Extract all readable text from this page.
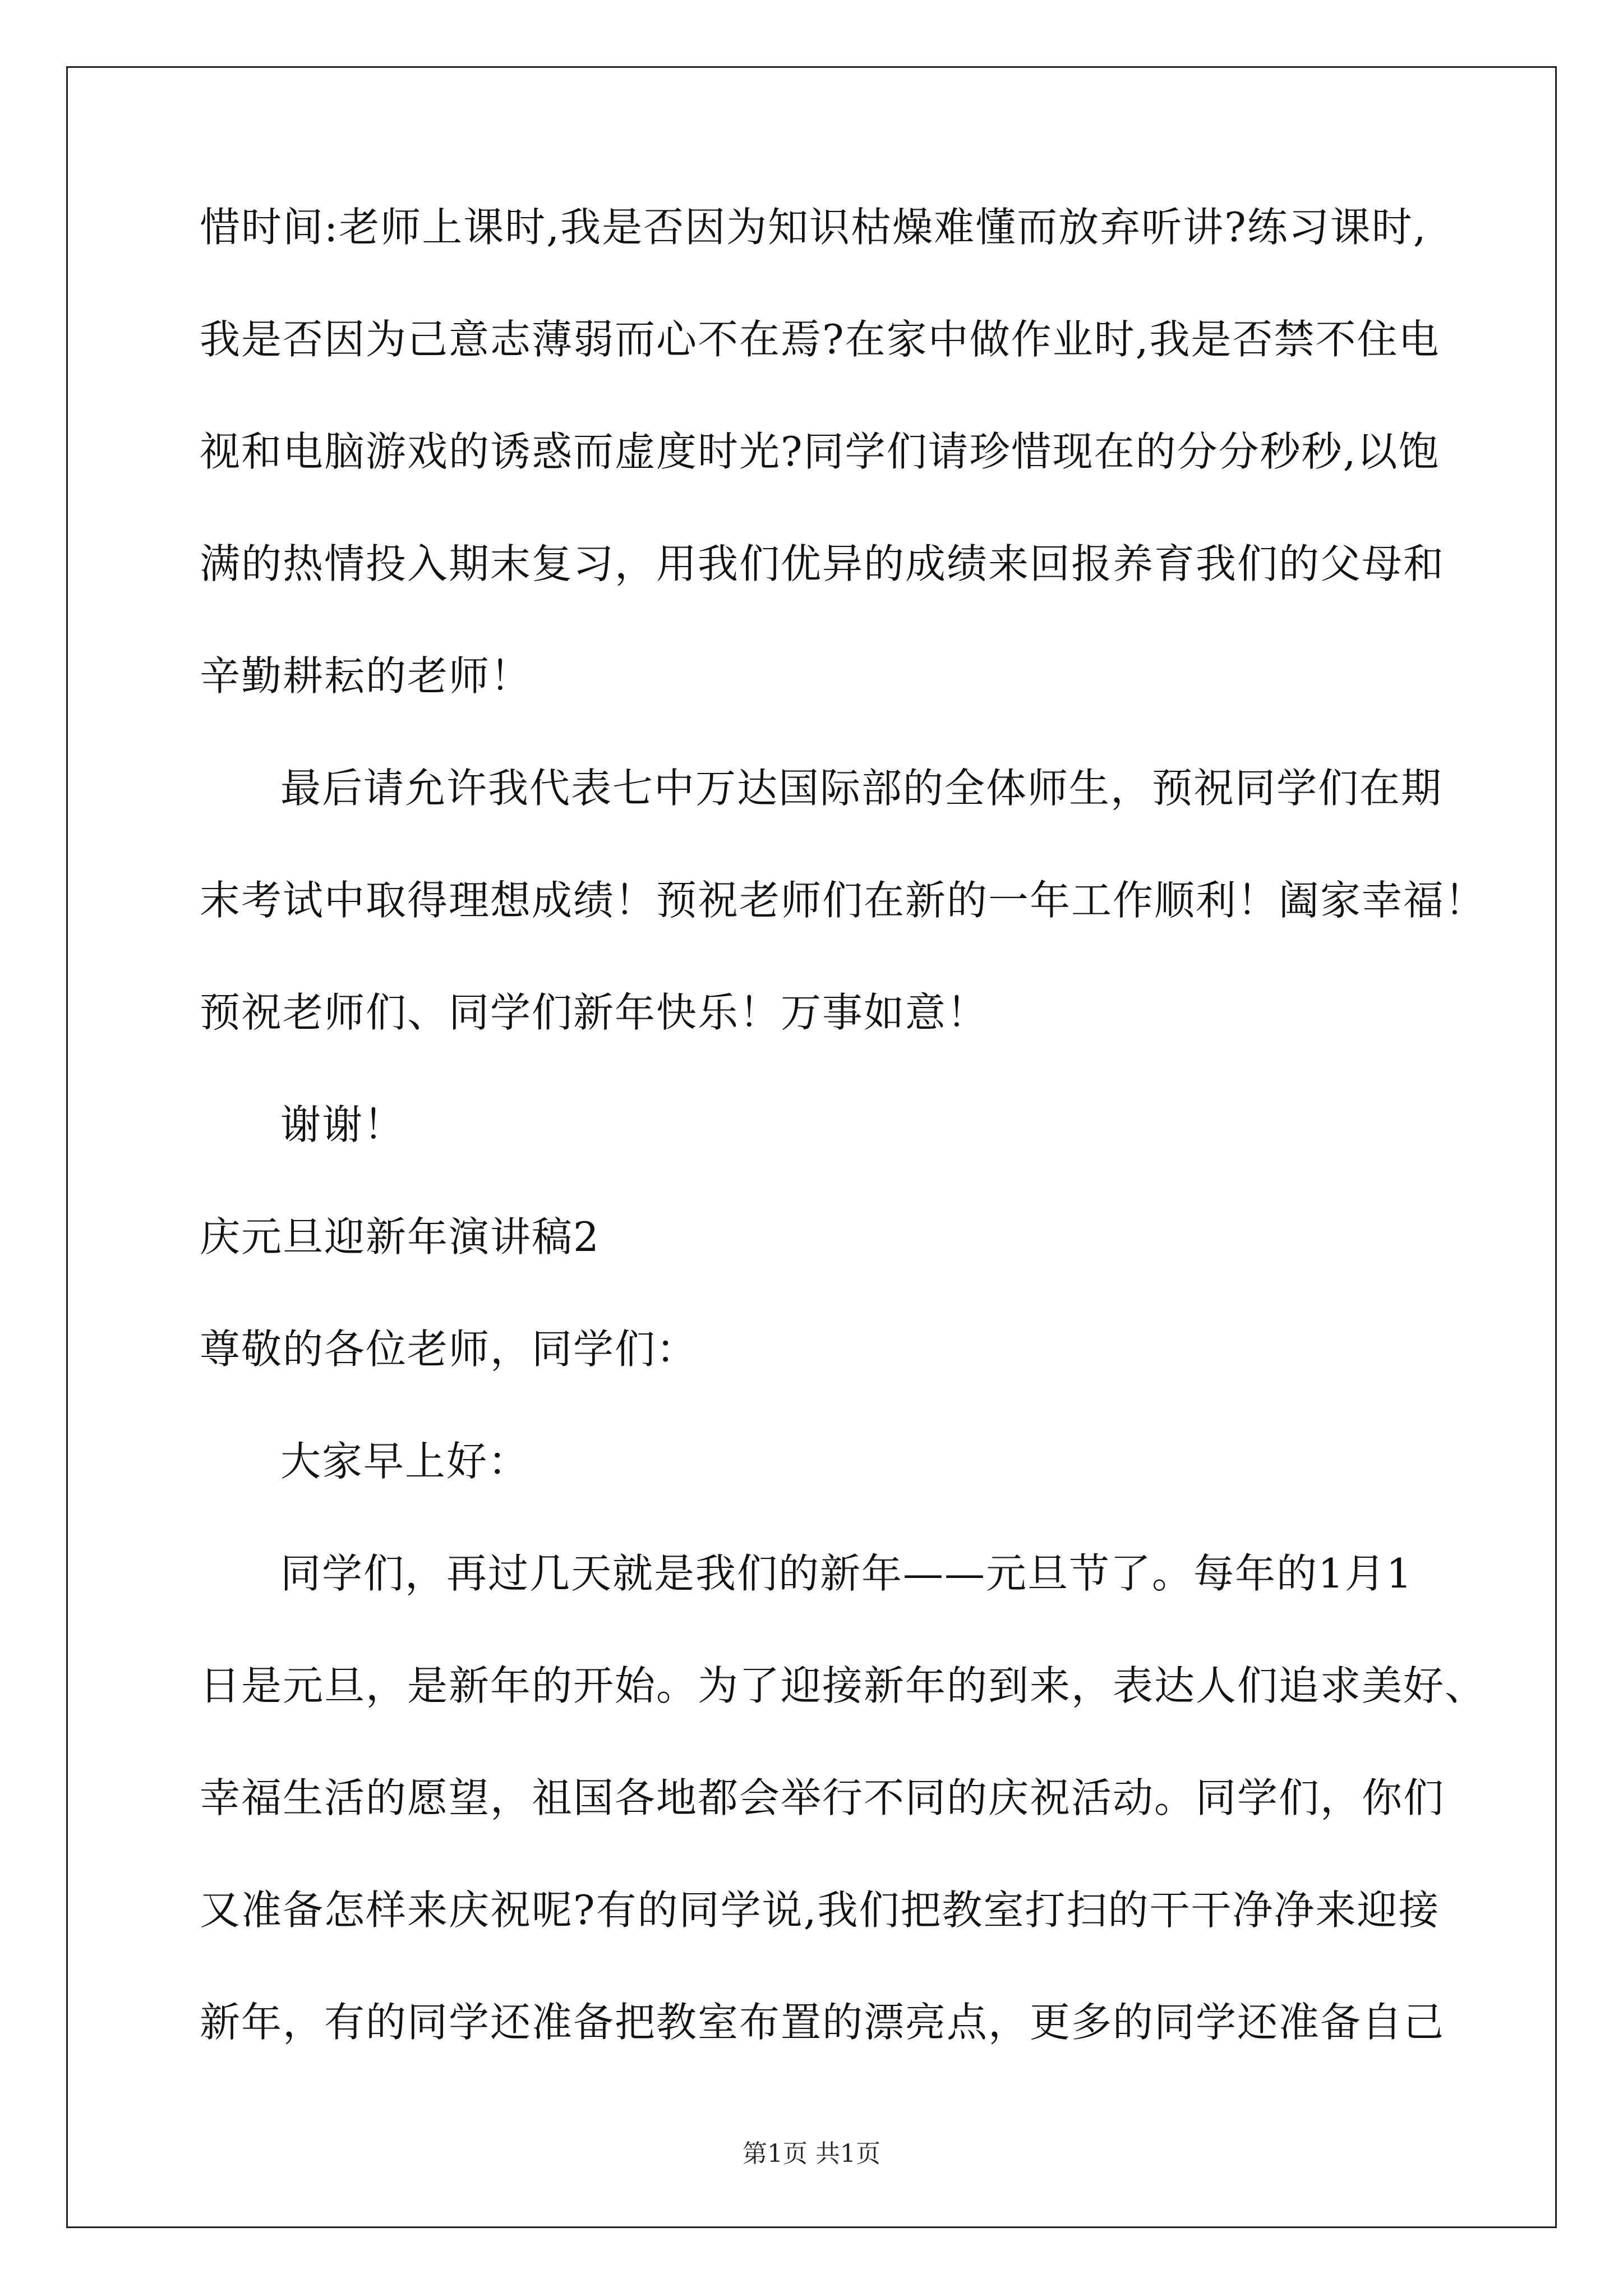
惜时间:老师上课时,我是否因为知识枯燥难懂而放弃听讲?练习课时,
我是否因为己意志薄弱而心不在焉?在家中做作业时,我是否禁不住电
视和电脑游戏的诱惑而虚度时光?同学们请珍惜现在的分分秒秒,以饱
满的热情投入期末复习，用我们优异的成绩来回报养育我们的父母和
辛勤耕耘的老师！
最后请允许我代表七中万达国际部的全体师生，预祝同学们在期
末考试中取得理想成绩！预祝老师们在新的一年工作顺利！阖家幸福！
预祝老师们、同学们新年快乐！万事如意！
谢谢！
庆元旦迎新年演讲稿2
尊敬的各位老师，同学们：
大家早上好：
同学们，再过几天就是我们的新年——元旦节了。每年的1月1
日是元旦，是新年的开始。为了迎接新年的到来，表达人们追求美好、
幸福生活的愿望，祖国各地都会举行不同的庆祝活动。同学们，你们
又准备怎样来庆祝呢?有的同学说,我们把教室打扫的干干净净来迎接
新年，有的同学还准备把教室布置的漂亮点，更多的同学还准备自己
第1页 共1页
